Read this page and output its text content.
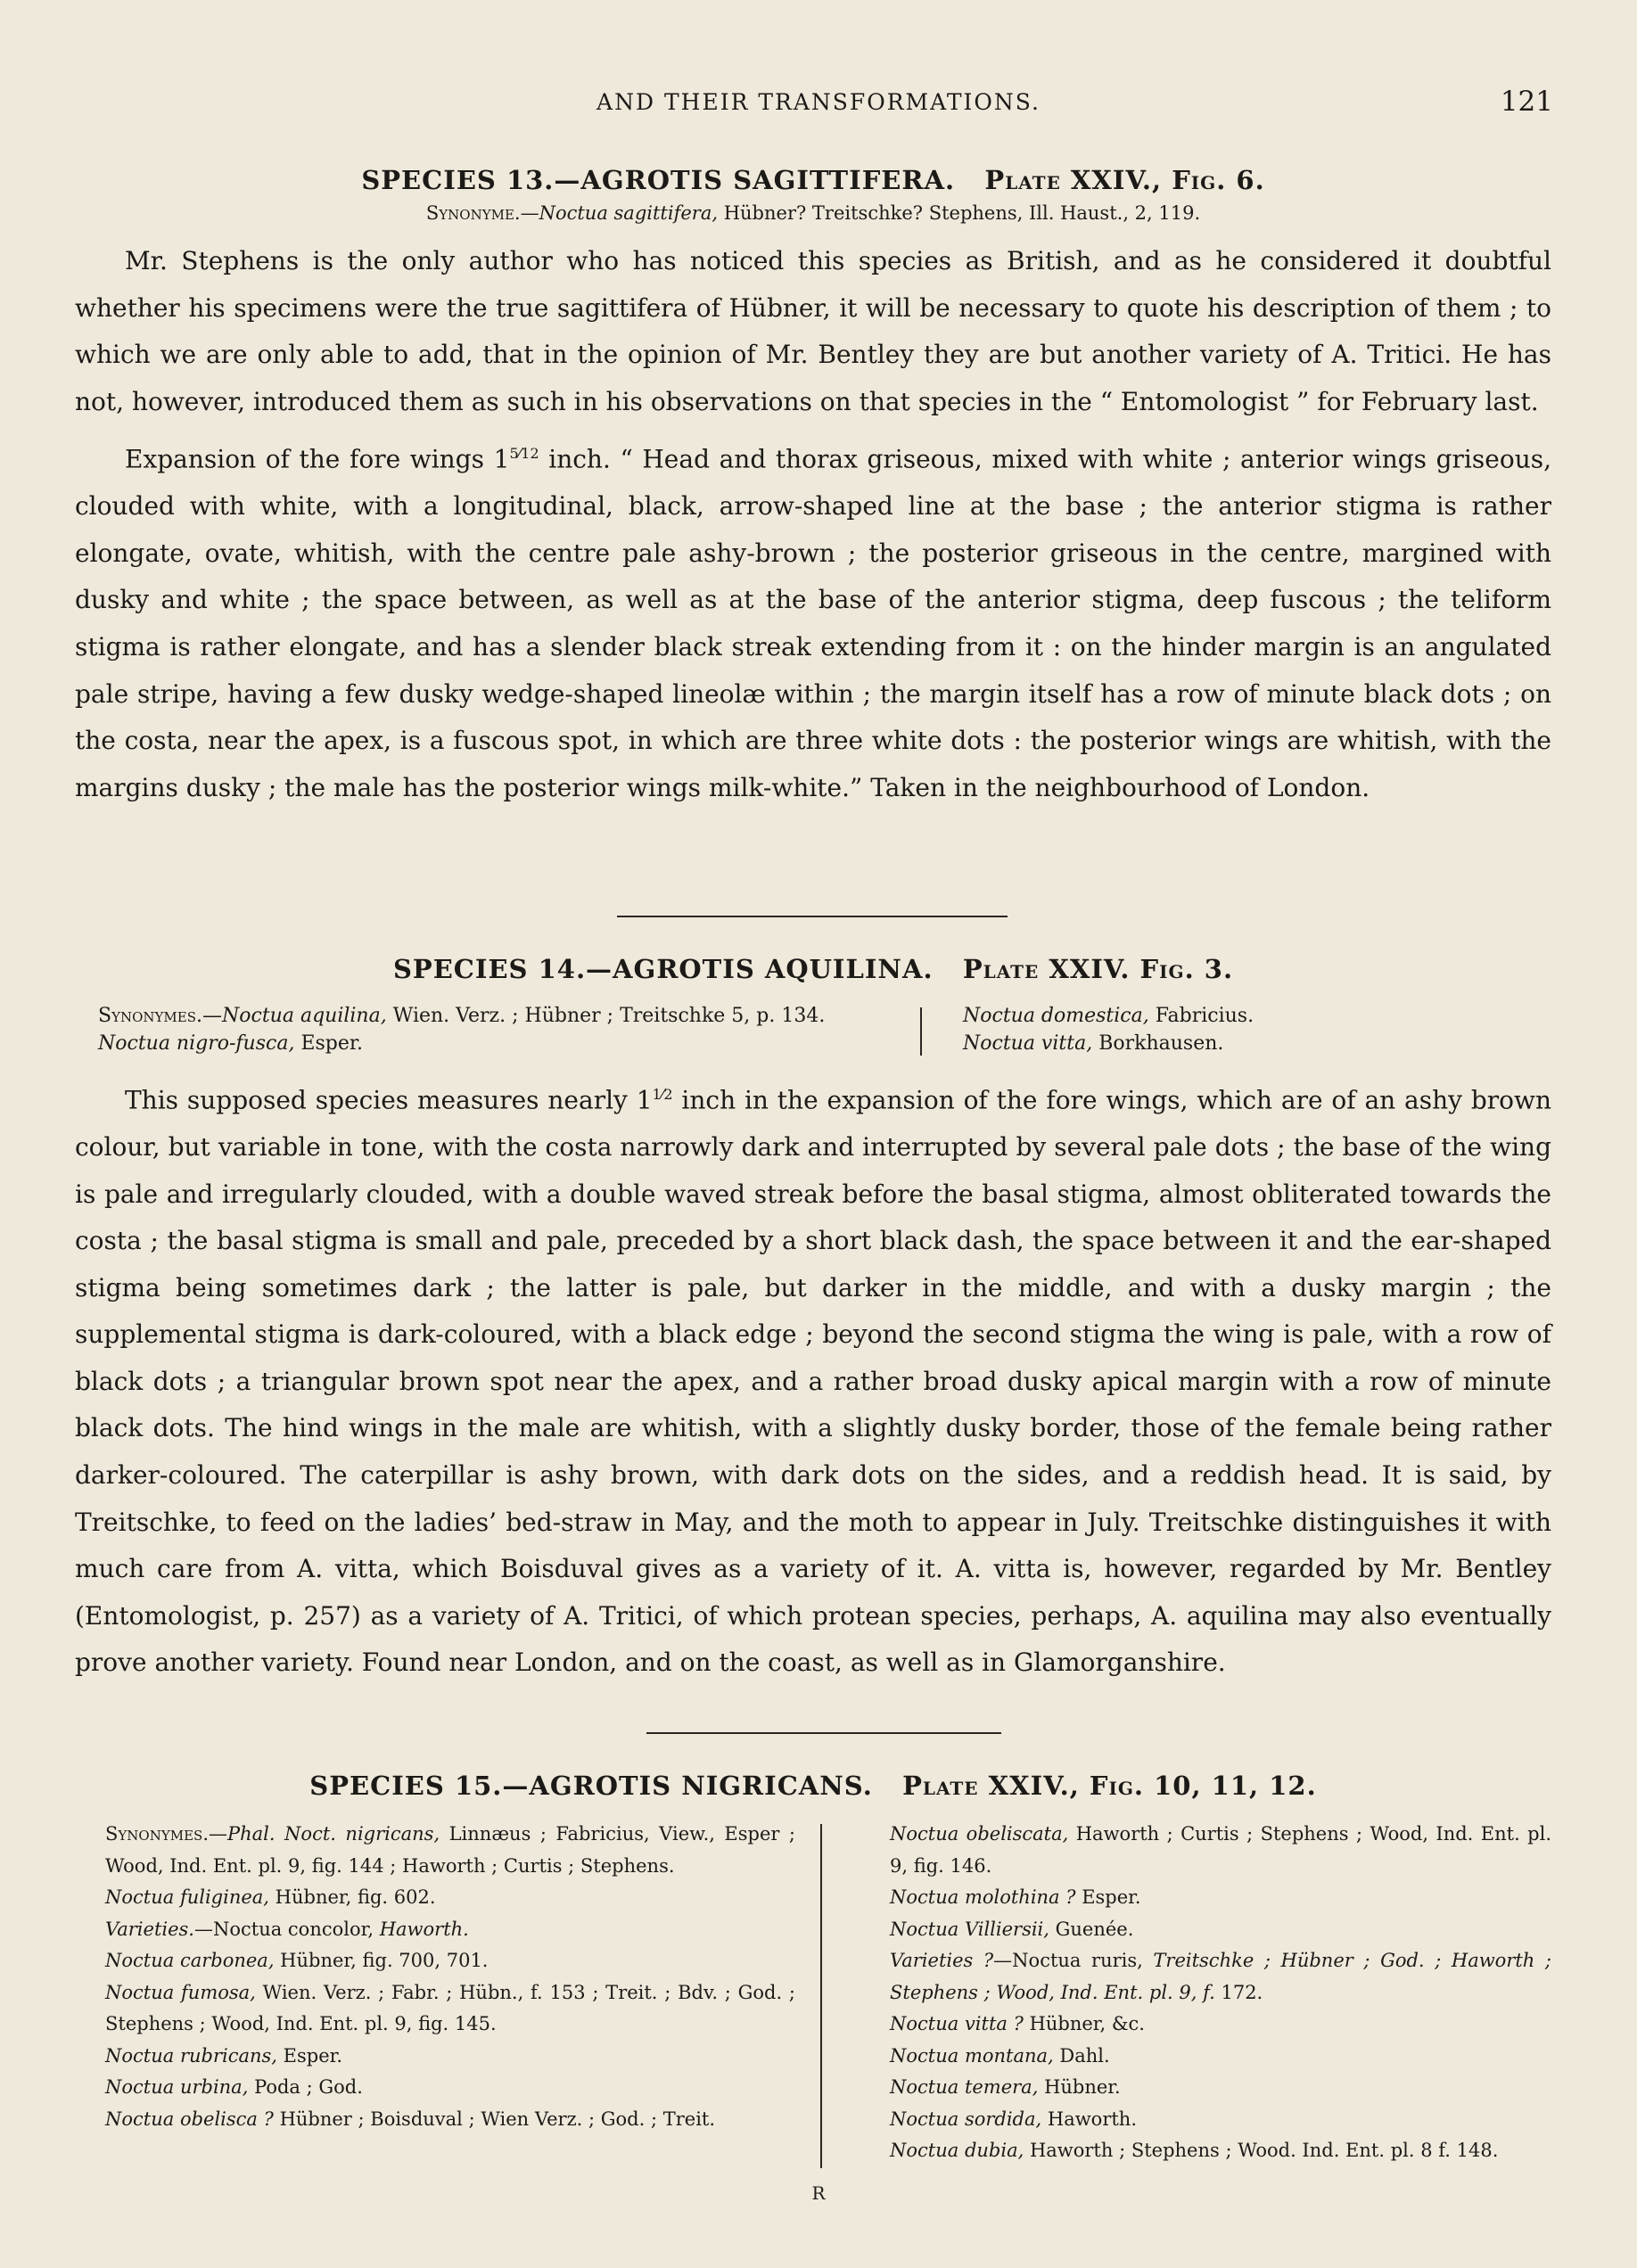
AND THEIR TRANSFORMATIONS.	121
SPECIES 13.—AGROTIS SAGITTIFERA. Plate XXIV., Fig. 6.
Synonyme.—Noctua sagittifera, Hübner? Treitschke? Stephens, Ill. Haust., 2, 119.

Mr. Stephens is the only author who has noticed this species as British, and as he considered it doubtful whether his specimens were the true sagittifera of Hübner, it will be necessary to quote his description of them ; to which we are only able to add, that in the opinion of Mr. Bentley they are but another variety of A. Tritici. He has not, however, introduced them as such in his observations on that species in the “ Entomologist ” for February last.

Expansion of the fore wings $1^{5⁄12}$ inch. “ Head and thorax griseous, mixed with white ; anterior wings griseous, clouded with white, with a longitudinal, black, arrow-shaped line at the base ; the anterior stigma is rather elongate, ovate, whitish, with the centre pale ashy-brown ; the posterior griseous in the centre, margined with dusky and white ; the space between, as well as at the base of the anterior stigma, deep fuscous ; the teliform stigma is rather elongate, and has a slender black streak extending from it : on the hinder margin is an angulated pale stripe, having a few dusky wedge-shaped lineolæ within ; the margin itself has a row of minute black dots ; on the costa, near the apex, is a fuscous spot, in which are three white dots : the posterior wings are whitish, with the margins dusky ; the male has the posterior wings milk-white.” Taken in the neighbourhood of London.

SPECIES 14.—AGROTIS AQUILINA. Plate XXIV. Fig. 3.

Synonymes.—Noctua aquilina, Wien. Verz. ; Hübner ; Treitschke 5, p. 134.

Noctua nigro-fusca, Esper.

Noctua domestica, Fabricius.

Noctua vitta, Borkhausen.

This supposed species measures nearly $1^{1⁄2}$ inch in the expansion of the fore wings, which are of an ashy brown colour, but variable in tone, with the costa narrowly dark and interrupted by several pale dots ; the base of the wing is pale and irregularly clouded, with a double waved streak before the basal stigma, almost obliterated towards the costa ; the basal stigma is small and pale, preceded by a short black dash, the space between it and the ear-shaped stigma being sometimes dark ; the latter is pale, but darker in the middle, and with a dusky margin ; the supplemental stigma is dark-coloured, with a black edge ; beyond the second stigma the wing is pale, with a row of black dots ; a triangular brown spot near the apex, and a rather broad dusky apical margin with a row of minute black dots. The hind wings in the male are whitish, with a slightly dusky border, those of the female being rather darker-coloured. The caterpillar is ashy brown, with dark dots on the sides, and a reddish head. It is said, by Treitschke, to feed on the ladies’ bed-straw in May, and the moth to appear in July. Treitschke distinguishes it with much care from A. vitta, which Boisduval gives as a variety of it. A. vitta is, however, regarded by Mr. Bentley (Entomologist, p. 257) as a variety of A. Tritici, of which protean species, perhaps, A. aquilina may also eventually prove another variety. Found near London, and on the coast, as well as in Glamorganshire.

SPECIES 15.—AGROTIS NIGRICANS. Plate XXIV., Fig. 10, 11, 12.

Synonymes.—Phal. Noct. nigricans, Linnæus ; Fabricius, View., Esper ; Wood, Ind. Ent. pl. 9, fig. 144 ; Haworth ; Curtis ; Stephens.

Noctua fuliginea, Hübner, fig. 602.

Varieties.—Noctua concolor, Haworth.

Noctua carbonea, Hübner, fig. 700, 701.

Noctua fumosa, Wien. Verz. ; Fabr. ; Hübn., f. 153 ; Treit. ; Bdv. ; God. ; Stephens ; Wood, Ind. Ent. pl. 9, fig. 145.

Noctua rubricans, Esper.

Noctua urbina, Poda ; God.

Noctua obelisca ? Hübner ; Boisduval ; Wien Verz. ; God. ; Treit.

Noctua obeliscata, Haworth ; Curtis ; Stephens ; Wood, Ind. Ent. pl. 9, fig. 146.

Noctua molothina ? Esper.

Noctua Villiersii, Guenée.

Varieties ?—Noctua ruris, Treitschke ; Hübner ; God. ; Haworth ; Stephens ; Wood, Ind. Ent. pl. 9, f. 172.

Noctua vitta ? Hübner, &c.

Noctua montana, Dahl.

Noctua temera, Hübner.

Noctua sordida, Haworth.

Noctua dubia, Haworth ; Stephens ; Wood. Ind. Ent. pl. 8 f. 148.

R
